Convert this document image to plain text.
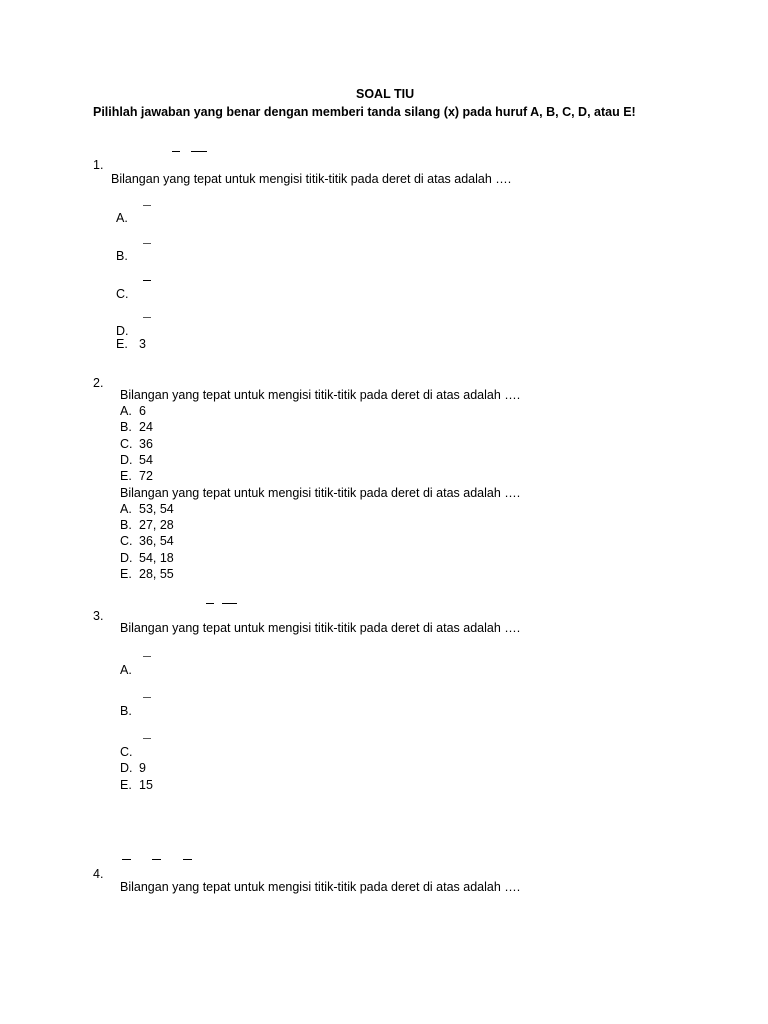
SOAL TIU
Pilihlah jawaban yang benar dengan memberi tanda silang (x) pada huruf A, B, C, D, atau E!
1.
Bilangan yang tepat untuk mengisi titik-titik pada deret di atas adalah ….
A.
B.
C.
D.
E. 3
2.
Bilangan yang tepat untuk mengisi titik-titik pada deret di atas adalah ….
A. 6
B. 24
C. 36
D. 54
E. 72
Bilangan yang tepat untuk mengisi titik-titik pada deret di atas adalah ….
A. 53, 54
B. 27, 28
C. 36, 54
D. 54, 18
E. 28, 55
3.
Bilangan yang tepat untuk mengisi titik-titik pada deret di atas adalah ….
A.
B.
C.
D. 9
E. 15
4.
Bilangan yang tepat untuk mengisi titik-titik pada deret di atas adalah ….
